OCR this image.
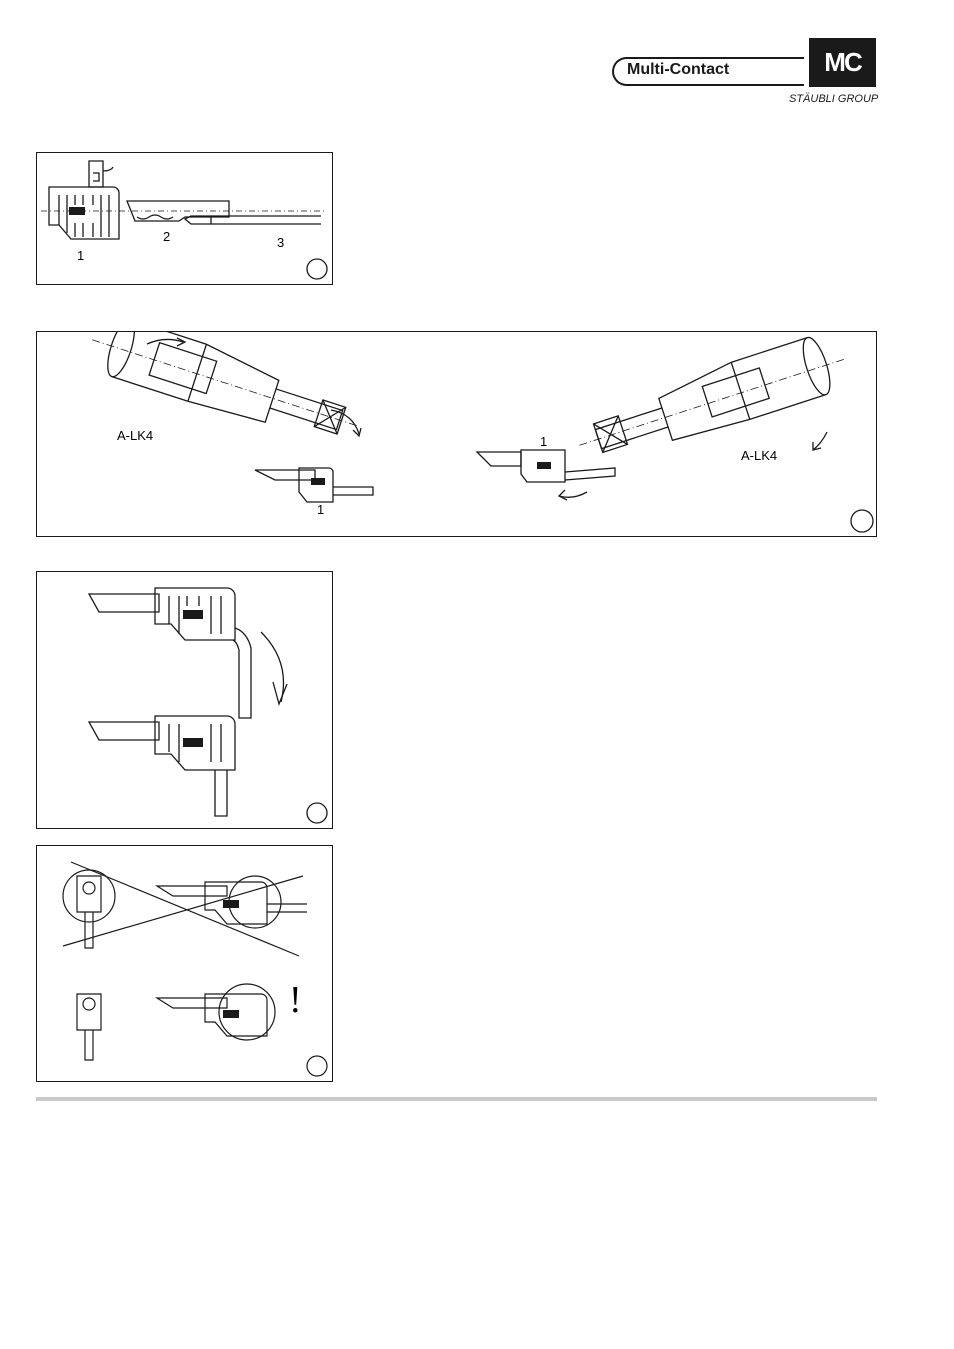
Multi-Contact	MC
STÄUBLI GROUP
1
2	3
A-LK4
A-LK4
1
1
!
